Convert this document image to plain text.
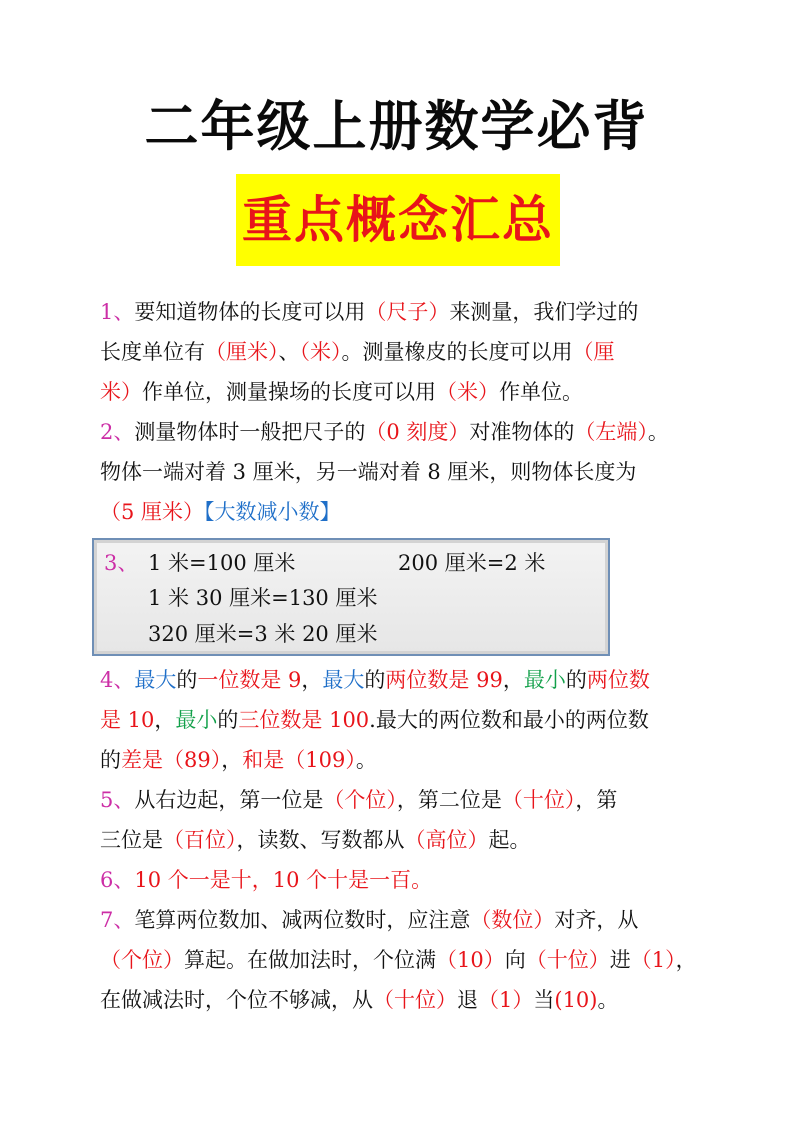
二年级上册数学必背
重点概念汇总
1、要知道物体的长度可以用（尺子）来测量，我们学过的
长度单位有（厘米）、（米）。测量橡皮的长度可以用（厘
米）作单位，测量操场的长度可以用（米）作单位。
2、测量物体时一般把尺子的（0 刻度）对准物体的（左端）。
物体一端对着 3 厘米，另一端对着 8 厘米，则物体长度为
（5 厘米）【大数减小数】
3、 1 米=100 厘米	200 厘米=2 米
1 米 30 厘米=130 厘米
320 厘米=3 米 20 厘米
4、最大的一位数是 9，最大的两位数是 99，最小的两位数
是 10，最小的三位数是 100.最大的两位数和最小的两位数
的差是（89），和是（109）。
5、从右边起，第一位是（个位），第二位是（十位），第
三位是（百位），读数、写数都从（高位）起。
6、10 个一是十，10 个十是一百。
7、笔算两位数加、减两位数时，应注意（数位）对齐，从
（个位）算起。在做加法时，个位满（10）向（十位）进（1），
在做减法时，个位不够减，从（十位）退（1）当(10)。
